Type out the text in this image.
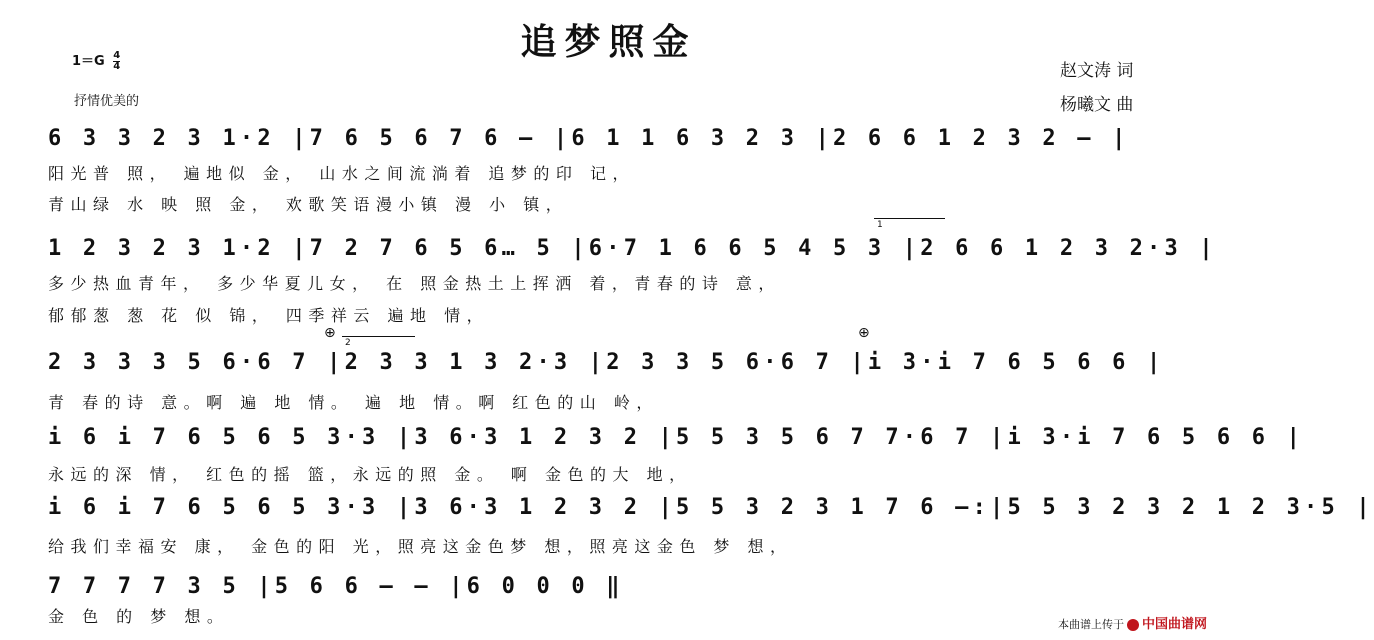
追梦照金
$1=G \frac{4}{4}$
抒情优美的
赵文涛 词
杨曦文 曲
1
2
⊕	⊕
6 3 3 2 3 1·2 |7 6 5 6 7 6 – |6 1 1 6 3 2 3 |2 6 6 1 2 3 2 – |
阳光普 照， 遍地似 金， 山水之间流淌着 追梦的印 记，
青山绿 水 映 照 金， 欢歌笑语漫小镇 漫 小 镇，
1 2 3 2 3 1·2 |7 2 7 6 5 6… 5 |6·7 1 6 6 5 4 5 3 |2 6 6 1 2 3 2·3 |
多少热血青年， 多少华夏儿女， 在 照金热土上挥洒 着，青春的诗 意，
郁郁葱 葱 花 似 锦， 四季祥云 遍地 情，
2 3 3 3 5 6·6 7 |2 3 3 1 3 2·3 |2 3 3 5 6·6 7 |i 3·i 7 6 5 6 6 |
青 春的诗 意。啊 遍 地 情。 遍 地 情。啊 红色的山 岭，
i 6 i 7 6 5 6 5 3·3 |3 6·3 1 2 3 2 |5 5 3 5 6 7 7·6 7 |i 3·i 7 6 5 6 6 |
永远的深 情， 红色的摇 篮，永远的照 金。 啊 金色的大 地，
i 6 i 7 6 5 6 5 3·3 |3 6·3 1 2 3 2 |5 5 3 2 3 1 7 6 –:|5 5 3 2 3 2 1 2 3·5 |
给我们幸福安 康， 金色的阳 光，照亮这金色梦 想，照亮这金色 梦 想，
7 7 7 7 3 5 |5 6 6 – – |6 0 0 0 ‖
金 色 的 梦 想。	本曲谱上传于 中国曲谱网
